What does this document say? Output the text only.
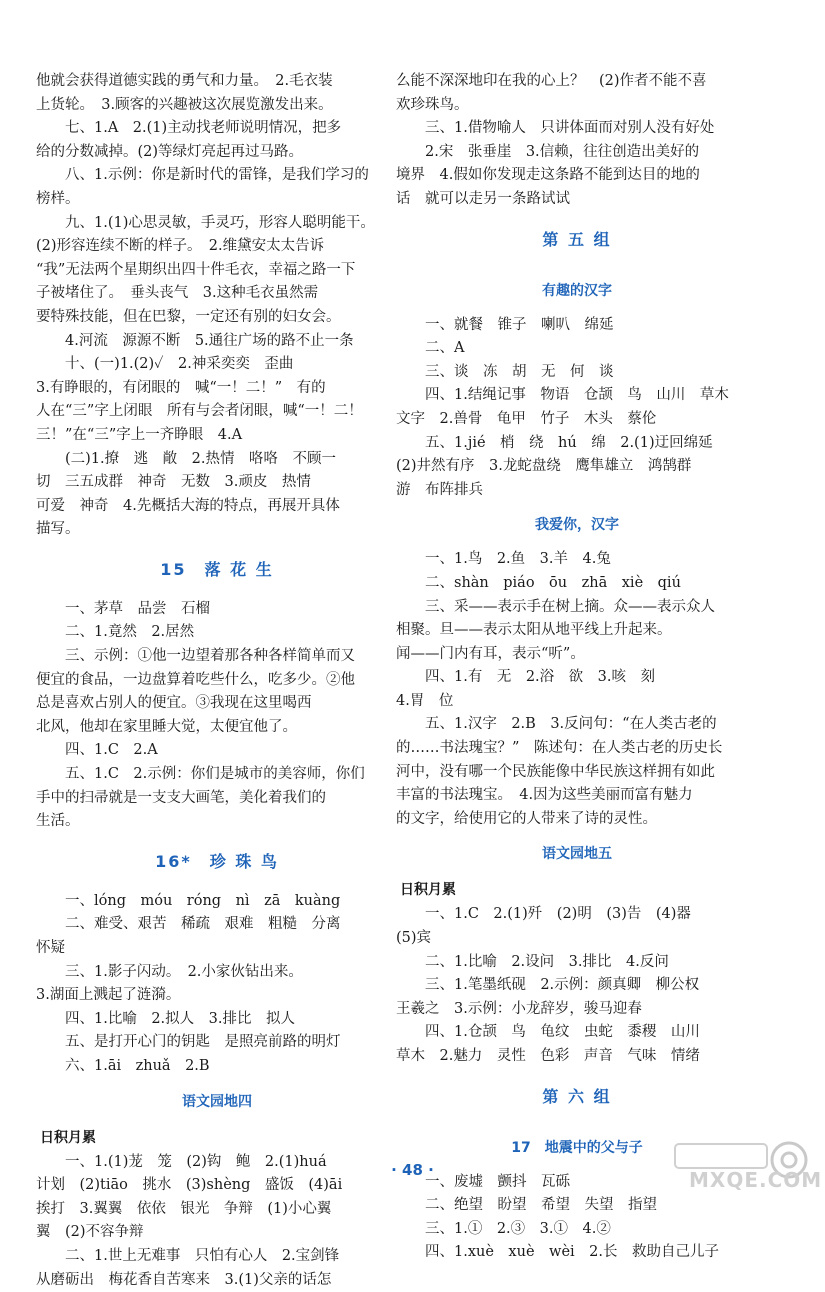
他就会获得道德实践的勇气和力量。　2.毛衣装
上货轮。　3.顾客的兴趣被这次展览激发出来。
七、1.A　2.(1)主动找老师说明情况，把多
给的分数减掉。(2)等绿灯亮起再过马路。
八、1.示例：你是新时代的雷锋，是我们学习的
榜样。
九、1.(1)心思灵敏，手灵巧，形容人聪明能干。
(2)形容连续不断的样子。　2.维黛安太太告诉
“我”无法两个星期织出四十件毛衣，幸福之路一下
子被堵住了。　垂头丧气　3.这种毛衣虽然需
要特殊技能，但在巴黎，一定还有别的妇女会。
4.河流　源源不断　5.通往广场的路不止一条
十、(一)1.(2)✓　2.神采奕奕　歪曲
3.有睁眼的，有闭眼的　喊“一！二！”　有的
人在“三”字上闭眼　所有与会者闭眼，喊“一！二！
三！”在“三”字上一齐睁眼　4.A
(二)1.撩　逃　敞　2.热情　咯咯　不顾一
切　三五成群　神奇　无数　3.顽皮　热情
可爱　神奇　4.先概括大海的特点，再展开具体
描写。
15　落 花 生
一、茅草　品尝　石榴
二、1.竟然　2.居然
三、示例：①他一边望着那各种各样简单而又
便宜的食品，一边盘算着吃些什么，吃多少。②他
总是喜欢占别人的便宜。③我现在这里喝西
北风，他却在家里睡大觉，太便宜他了。
四、1.C　2.A
五、1.C　2.示例：你们是城市的美容师，你们
手中的扫帚就是一支支大画笔，美化着我们的
生活。
16*　珍 珠 鸟
一、lóng　móu　róng　nì　zā　kuàng
二、难受、艰苦　稀疏　艰难　粗糙　分离
怀疑
三、1.影子闪动。　2.小家伙钻出来。
3.湖面上溅起了涟漪。
四、1.比喻　2.拟人　3.排比　拟人
五、是打开心门的钥匙　是照亮前路的明灯
六、1.āi　zhuǎ　2.B
语文园地四
日积月累
一、1.(1)茏　笼　(2)钩　鲍　2.(1)huá
计划　(2)tiāo　挑水　(3)shèng　盛饭　(4)āi
挨打　3.翼翼　依依　银光　争辩　(1)小心翼
翼　(2)不容争辩
二、1.世上无难事　只怕有心人　2.宝剑锋
从磨砺出　梅花香自苦寒来　3.(1)父亲的话怎
么能不深深地印在我的心上？　(2)作者不能不喜
欢珍珠鸟。
三、1.借物喻人　只讲体面而对别人没有好处
2.宋　张垂崖　3.信赖，往往创造出美好的
境界　4.假如你发现走这条路不能到达目的地的
话　就可以走另一条路试试
第 五 组
有趣的汉字
一、就餐　锥子　喇叭　绵延
二、A
三、谈　冻　胡　无　何　谈
四、1.结绳记事　物语　仓颉　鸟　山川　草木
文字　2.兽骨　龟甲　竹子　木头　蔡伦
五、1.jié　梢　绕　hú　绵　2.(1)迂回绵延
(2)井然有序　3.龙蛇盘绕　鹰隼雄立　鸿鹄群
游　布阵排兵
我爱你，汉字
一、1.鸟　2.鱼　3.羊　4.兔
二、shàn　piáo　ōu　zhā　xiè　qiú
三、采——表示手在树上摘。众——表示众人
相聚。旦——表示太阳从地平线上升起来。
闻——门内有耳，表示“听”。
四、1.有　无　2.浴　欲　3.咳　刻
4.胃　位
五、1.汉字　2.B　3.反问句：“在人类古老的
的……书法瑰宝？”　陈述句：在人类古老的历史长
河中，没有哪一个民族能像中华民族这样拥有如此
丰富的书法瑰宝。　4.因为这些美丽而富有魅力
的文字，给使用它的人带来了诗的灵性。
语文园地五
日积月累
一、1.C　2.(1)歼　(2)明　(3)告　(4)器
(5)宾
二、1.比喻　2.设问　3.排比　4.反问
三、1.笔墨纸砚　2.示例：颜真卿　柳公权
王羲之　3.示例：小龙辞岁，骏马迎春
四、1.仓颉　鸟　龟纹　虫蛇　黍稷　山川
草木　2.魅力　灵性　色彩　声音　气味　情绪
第 六 组
17　地震中的父与子
一、废墟　颤抖　瓦砾
二、绝望　盼望　希望　失望　指望
三、1.①　2.③　3.①　4.②
四、1.xuè　xuè　wèi　2.长　救助自己儿子
· 48 ·	MXQE.COM
